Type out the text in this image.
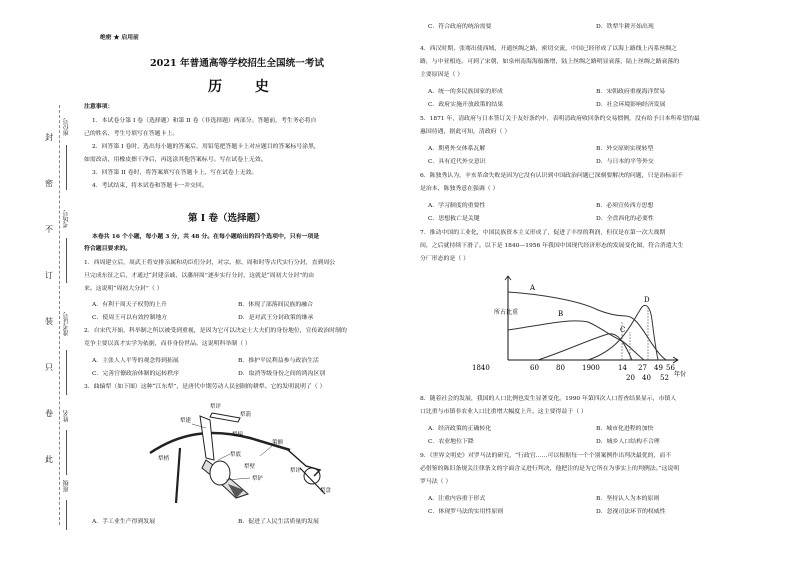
封
密
不
订
装
只
卷
此
座位号
考场号
准考证号
姓名
班级
绝密 ★ 启用前
2021 年普通高等学校招生全国统一考试
历 史
注意事项：
1．本试卷分第 I 卷（选择题）和第 II 卷（非选择题）两部分。答题前，考生务必将自
己的姓名、考生号填写在答题卡上。
2．回答第 I 卷时，选出每小题的答案后，用铅笔把答题卡上对应题目的答案标号涂黑，
如需改动，用橡皮擦干净后，再选涂其他答案标号。写在试卷上无效。
3．回答第 II 卷时，将答案填写在答题卡上，写在试卷上无效。
4．考试结束，将本试卷和答题卡一并交回。
第 I 卷（选择题）
本卷共 16 个小题，每小题 3 分，共 48 分。在每小题给出的四个选项中，只有一项是
符合题目要求的。
1．西周建立后，周武王将安排亲属和功臣们分封，对宗、掠、周和时等古代实行分封，直到周公
旦完成东征之后，才通过“封建亲戚，以藩屏周”逐步实行分封，这就是“周初大分封”的由
来。这说明“周初大分封”（ ）
A．有利于周天子权势的上升	B．体现了部落间民族的融合
C．使周王可以有效控制地方	D．是对武王分封政策的继承
2．自宋代开始，科举制之所以被受到重视，是因为它可以决定士大夫们的身份地位，宣传政治时制的
竞争主要以真才实学为依据，而非身份世品。这说明科举制（ ）
A．主张人人平等的观念得到拓展	B．推护平民利益参与政治生活
C．完善官僚政治体制的运转秩序	D．取消等级身份之间的鸿沟区别
3．曲辕犁（如下图）这种“江东犁”，是唐代中期劳动人民创制的耕犁。它的发明说明了（ ）
犁评
犁箭
犁辕
犁梢
犁建
犁底
犁壁
策额
犁铲
犁盘
犁评
A．手工业生产得到发展	B．促进了人民生活质量的发展
C．符合政府的统治需要	D．铁犁牛耕开始出现
4．西汉时期，张骞出使西域，开通丝绸之路，密切交流，中国已经形成了以海上路线上丙系丝绸之
路，与中亚相连。可到了宋朝，如泉州南海海船渐增，陆上丝绸之路明显衰落，陆上丝绸之路衰落的
主要原因是（ ）
A．统一的多民族国家的形成	B．宋朝政府重视海洋贸易
C．政府实施开放政策的结果	D．社会环境影响经济发展
5．1871 年，清政府与日本签订关于友好条约中，表明清政府收回条约交易惯例，没有给予日本所希望的最
惠国待遇，据此可知，清政府（ ）
A．期勇外交体系瓦解	B．外交原则实现转型
C．具有近代外交意识	D．与日本的平等外交
6．陈独秀认为，辛亥革命失败是因为它没有认识到中国政治问题已深刻要解决的问题，只是治标而不
是治本，陈独秀意在强调（ ）
A．学习制度的重要性	B．必须宣传西方思想
C．思想救亡是关键	D．全盘西化的必要性
7．推动中国的工业化，中国民族资本主义形成了，促进了丰厚的利润，但仅是在第一次大战期
间，之后就持续下滑了。以下是 1840—1956 年我国中国现代经济形态的发展变化图，符合消遣大生
分厂形态的是（ ）
A
B
C
D
所占比重
年份
1840	60 80 1900	14 27 49 56
20 40 52
8．随着社会的发展，我国的人口比例也发生显著变化。1990 年第四次人口普查结果显示，市镇人
口比重与市镇非农业人口比重增大幅度上升。这主要得益于（ ）
A．经济政策的正确转化	B．城市化进程的加快
C．农业地位下降	D．城乡人口结构不合理
9．《世界文明史》对罗马法的研究，“行政官……可以根据每一个个别案例作出判决最优的，而不
必借鉴的陈旧条规关注律条文的字面含义进行判决，他把注的是为它所在为事实上的判例法。”这说明
罗马法（ ）
A．注重内容重于形式	B．坚持认人为本的原则
C．体现罗马法的实用性原则	D．忽视司法环节的权威性
